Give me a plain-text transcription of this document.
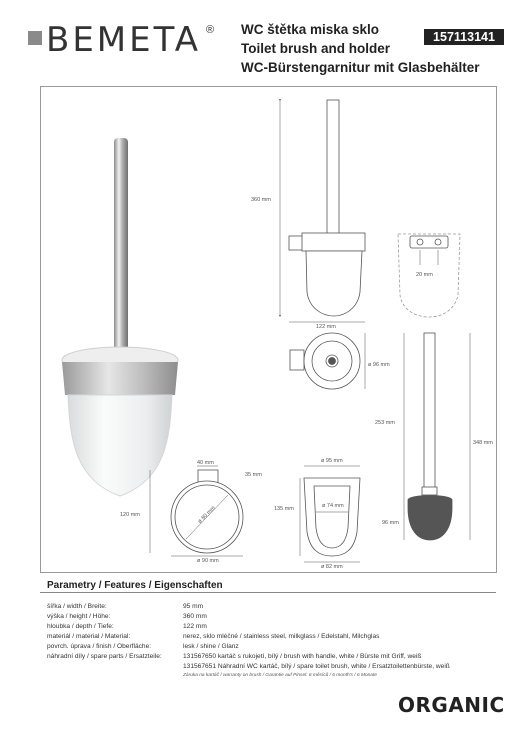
BEMETA ® WC štětka miska sklo
Toilet brush and holder
WC-Bürstengarnitur mit Glasbehälter
157113141
360 mm
122 mm
20 mm
ø 96 mm
253 mm
348 mm
96 mm
40 mm
35 mm
120 mm	ø 80 mm
ø 90 mm
ø 95 mm
135 mm	ø 74 mm
ø 82 mm
Parametry / Features / Eigenschaften
šířka / width / Breite:	95 mm
výška / height / Höhe:	360 mm
hloubka / depth / Tiefe:	122 mm
materiál / material / Material:	nerez, sklo mléčné / stainless steel, milkglass / Edelstahl, Milchglas
povrch. úprava / finish / Oberfläche:	lesk / shine / Glanz
náhradní díly / spare parts / Ersatzteile:	131567650 kartáč s rukojetí, bílý / brush with handle, white / Bürste mit Griff, weiß
131567651 Náhradní WC kartáč, bílý / spare toilet brush, white / Ersatztoilettenbürste, weiß
Záruka na kartáč / warranty on brush / Garantie auf Pinsel: 6 měsíců / 6 month's / 6 Monate
ORGANIC
